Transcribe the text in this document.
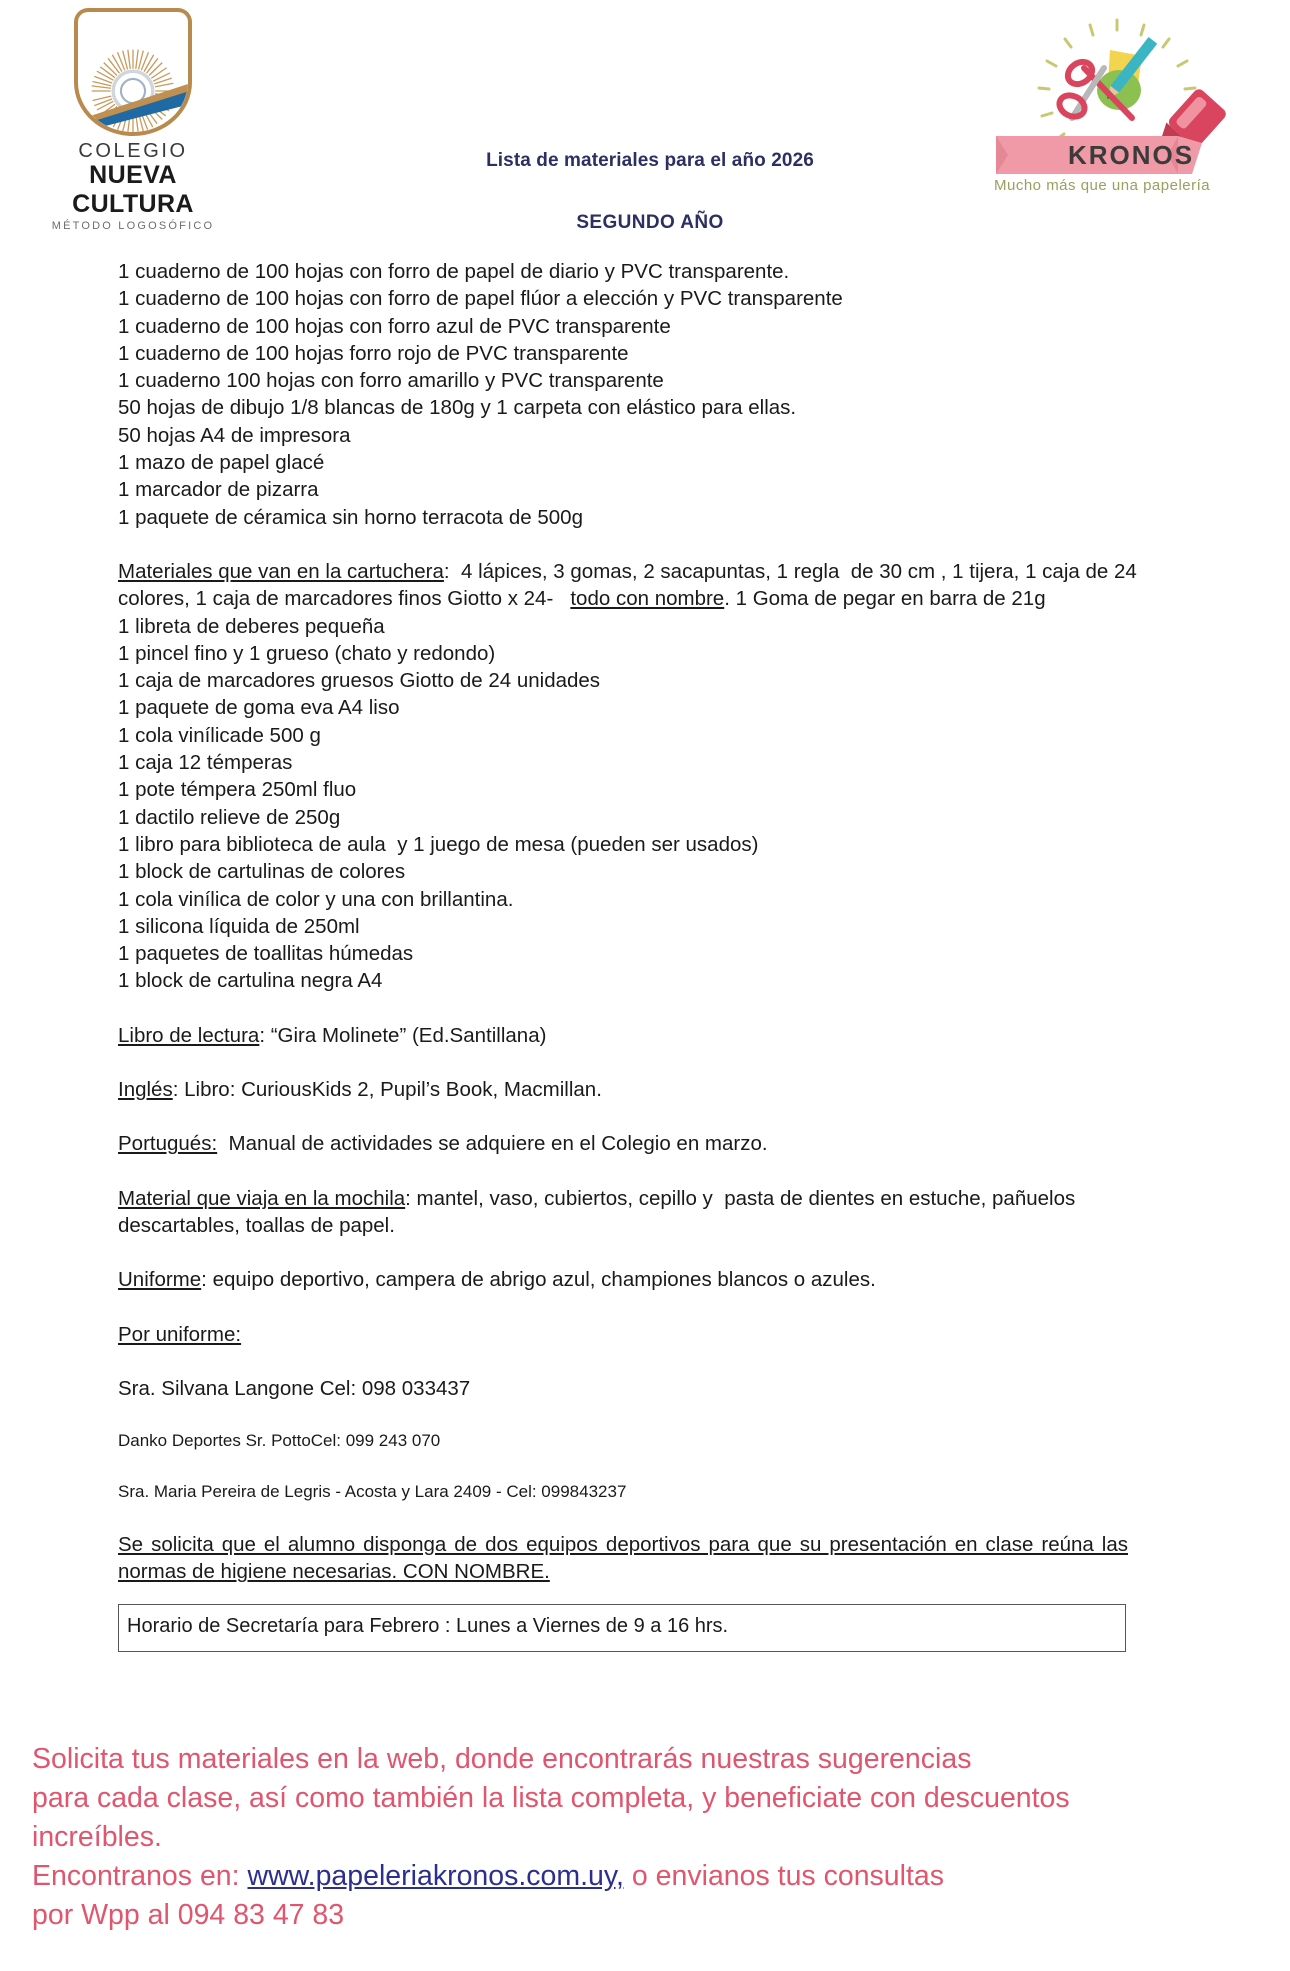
COLEGIO
NUEVA CULTURA
MÉTODO LOGOSÓFICO
Lista de materiales para el año 2026
SEGUNDO AÑO
KRONOS
Mucho más que una papelería
1 cuaderno de 100 hojas con forro de papel de diario y PVC transparente.
1 cuaderno de 100 hojas con forro de papel flúor a elección y PVC transparente
1 cuaderno de 100 hojas con forro azul de PVC transparente
1 cuaderno de 100 hojas forro rojo de PVC transparente
1 cuaderno 100 hojas con forro amarillo y PVC transparente
50 hojas de dibujo 1/8 blancas de 180g y 1 carpeta con elástico para ellas.
50 hojas A4 de impresora
1 mazo de papel glacé
1 marcador de pizarra
1 paquete de céramica sin horno terracota de 500g
Materiales que van en la cartuchera:  4 lápices, 3 gomas, 2 sacapuntas, 1 regla  de 30 cm , 1 tijera, 1 caja de 24  colores, 1 caja de marcadores finos Giotto x 24-   todo con nombre. 1 Goma de pegar en barra de 21g
1 libreta de deberes pequeña
1 pincel fino y 1 grueso (chato y redondo)
1 caja de marcadores gruesos Giotto de 24 unidades
1 paquete de goma eva A4 liso
1 cola vinílicade 500 g
1 caja 12 témperas
1 pote témpera 250ml fluo
1 dactilo relieve de 250g
1 libro para biblioteca de aula  y 1 juego de mesa (pueden ser usados)
1 block de cartulinas de colores
1 cola vinílica de color y una con brillantina.
1 silicona líquida de 250ml
1 paquetes de toallitas húmedas
1 block de cartulina negra A4
Libro de lectura: “Gira Molinete” (Ed.Santillana)
Inglés: Libro: CuriousKids 2, Pupil’s Book, Macmillan.
Portugués:  Manual de actividades se adquiere en el Colegio en marzo.
Material que viaja en la mochila: mantel, vaso, cubiertos, cepillo y  pasta de dientes en estuche, pañuelos descartables, toallas de papel.
Uniforme: equipo deportivo, campera de abrigo azul, championes blancos o azules.
Por uniforme:
Sra. Silvana Langone Cel: 098 033437
Danko Deportes Sr. PottoCel: 099 243 070
Sra. Maria Pereira de Legris - Acosta y Lara 2409 - Cel: 099843237
Se solicita que el alumno disponga de dos equipos deportivos para que su presentación en clase reúna las normas de higiene necesarias. CON NOMBRE.
Horario de Secretaría para Febrero : Lunes a Viernes de 9 a 16 hrs.
Solicita tus materiales en la web, donde encontrarás nuestras sugerencias
para cada clase, así como también la lista completa, y beneficiate con descuentos
increíbles.
Encontranos en: www.papeleriakronos.com.uy, o envianos tus consultas
por Wpp al 094 83 47 83
